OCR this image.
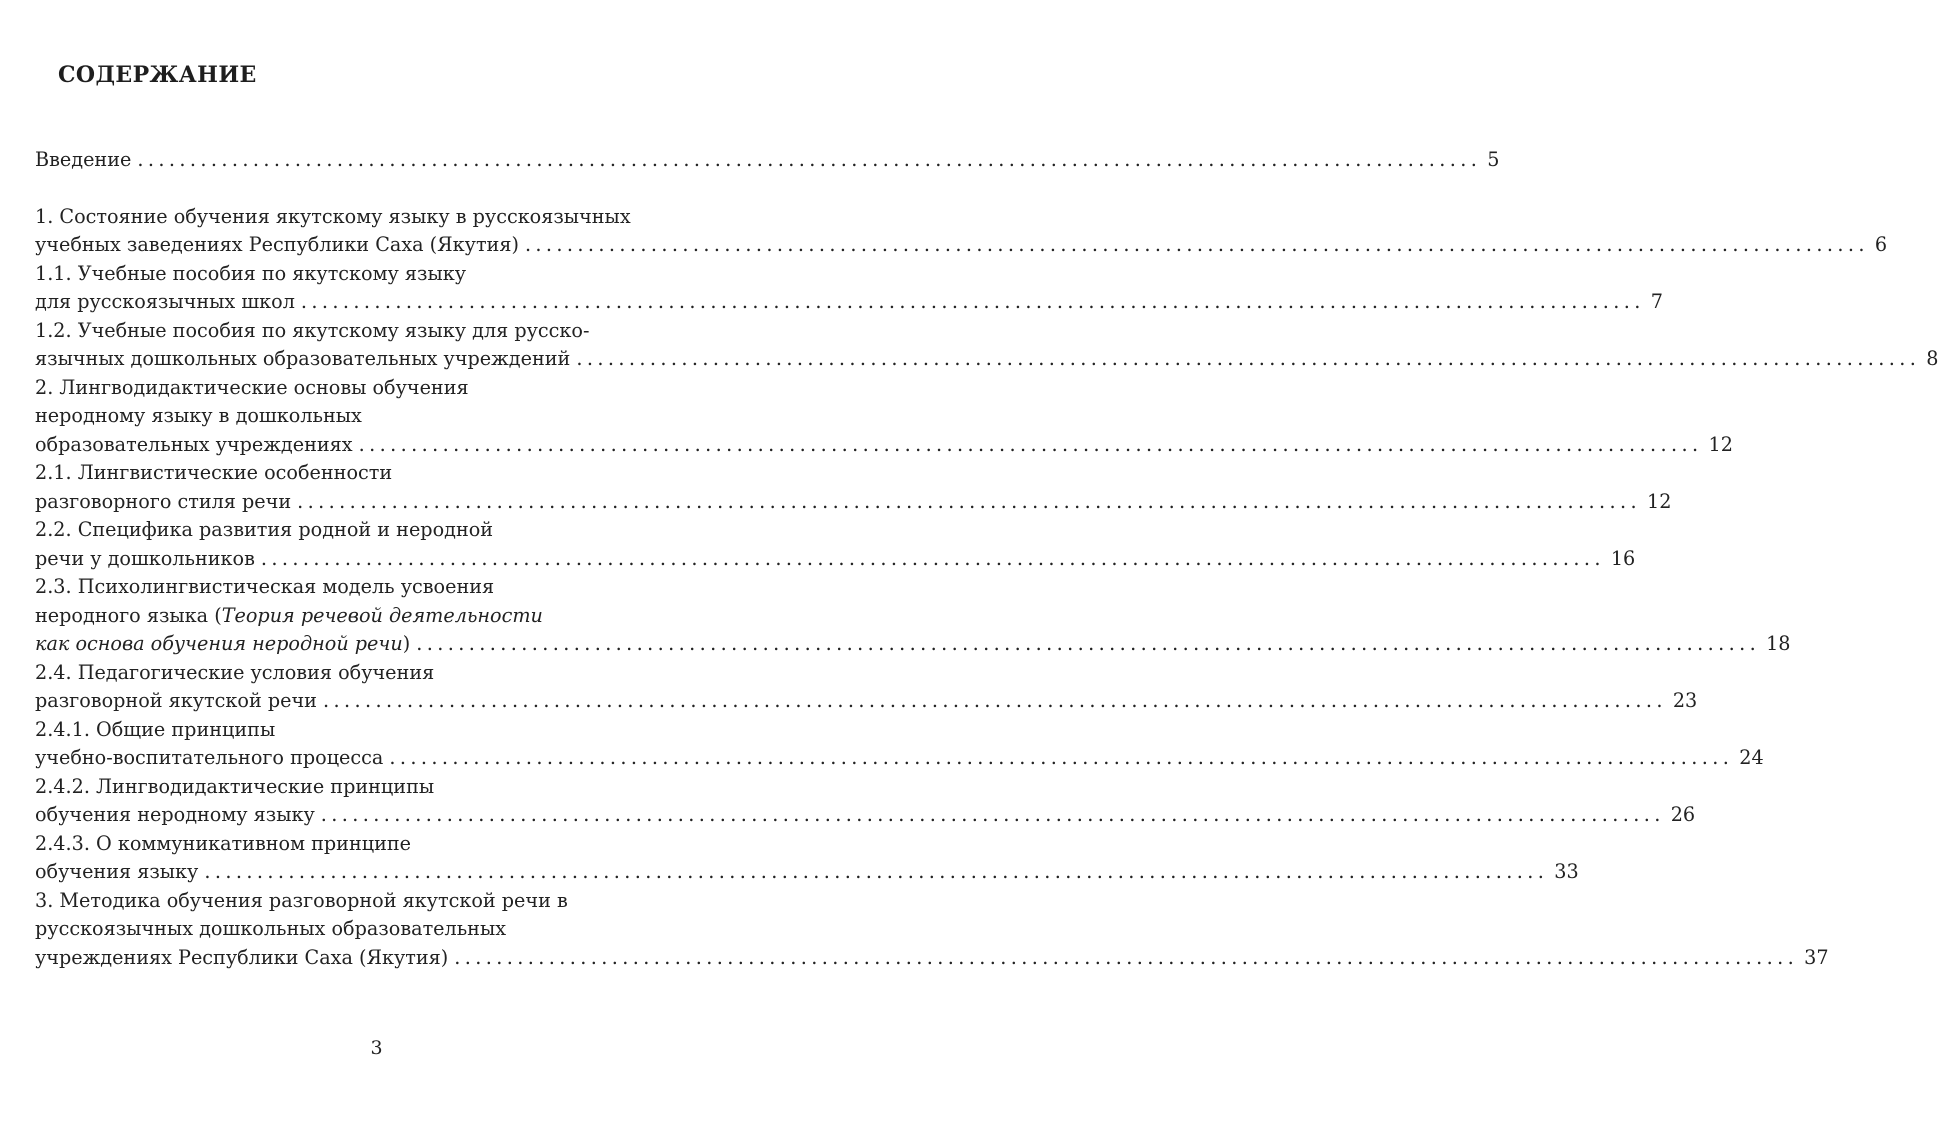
СОДЕРЖАНИЕ
Введение ................................................................................................................................ 5
1. Состояние обучения якутскому языку в русскоязычных
учебных заведениях Республики Саха (Якутия) ................................................................................................................................ 6
1.1. Учебные пособия по якутскому языку
для русскоязычных школ ................................................................................................................................ 7
1.2. Учебные пособия по якутскому языку для русско-
язычных дошкольных образовательных учреждений ................................................................................................................................ 8
2. Лингводидактические основы обучения
неродному языку в дошкольных
образовательных учреждениях ................................................................................................................................ 12
2.1. Лингвистические особенности
разговорного стиля речи ................................................................................................................................ 12
2.2. Специфика развития родной и неродной
речи у дошкольников ................................................................................................................................ 16
2.3. Психолингвистическая модель усвоения
неродного языка (Теория речевой деятельности
как основа обучения неродной речи) ................................................................................................................................ 18
2.4. Педагогические условия обучения
разговорной якутской речи ................................................................................................................................ 23
2.4.1. Общие принципы
учебно-воспитательного процесса ................................................................................................................................ 24
2.4.2. Лингводидактические принципы
обучения неродному языку ................................................................................................................................ 26
2.4.3. О коммуникативном принципе
обучения языку ................................................................................................................................ 33
3. Методика обучения разговорной якутской речи в
русскоязычных дошкольных образовательных
учреждениях Республики Саха (Якутия) ................................................................................................................................ 37
3
